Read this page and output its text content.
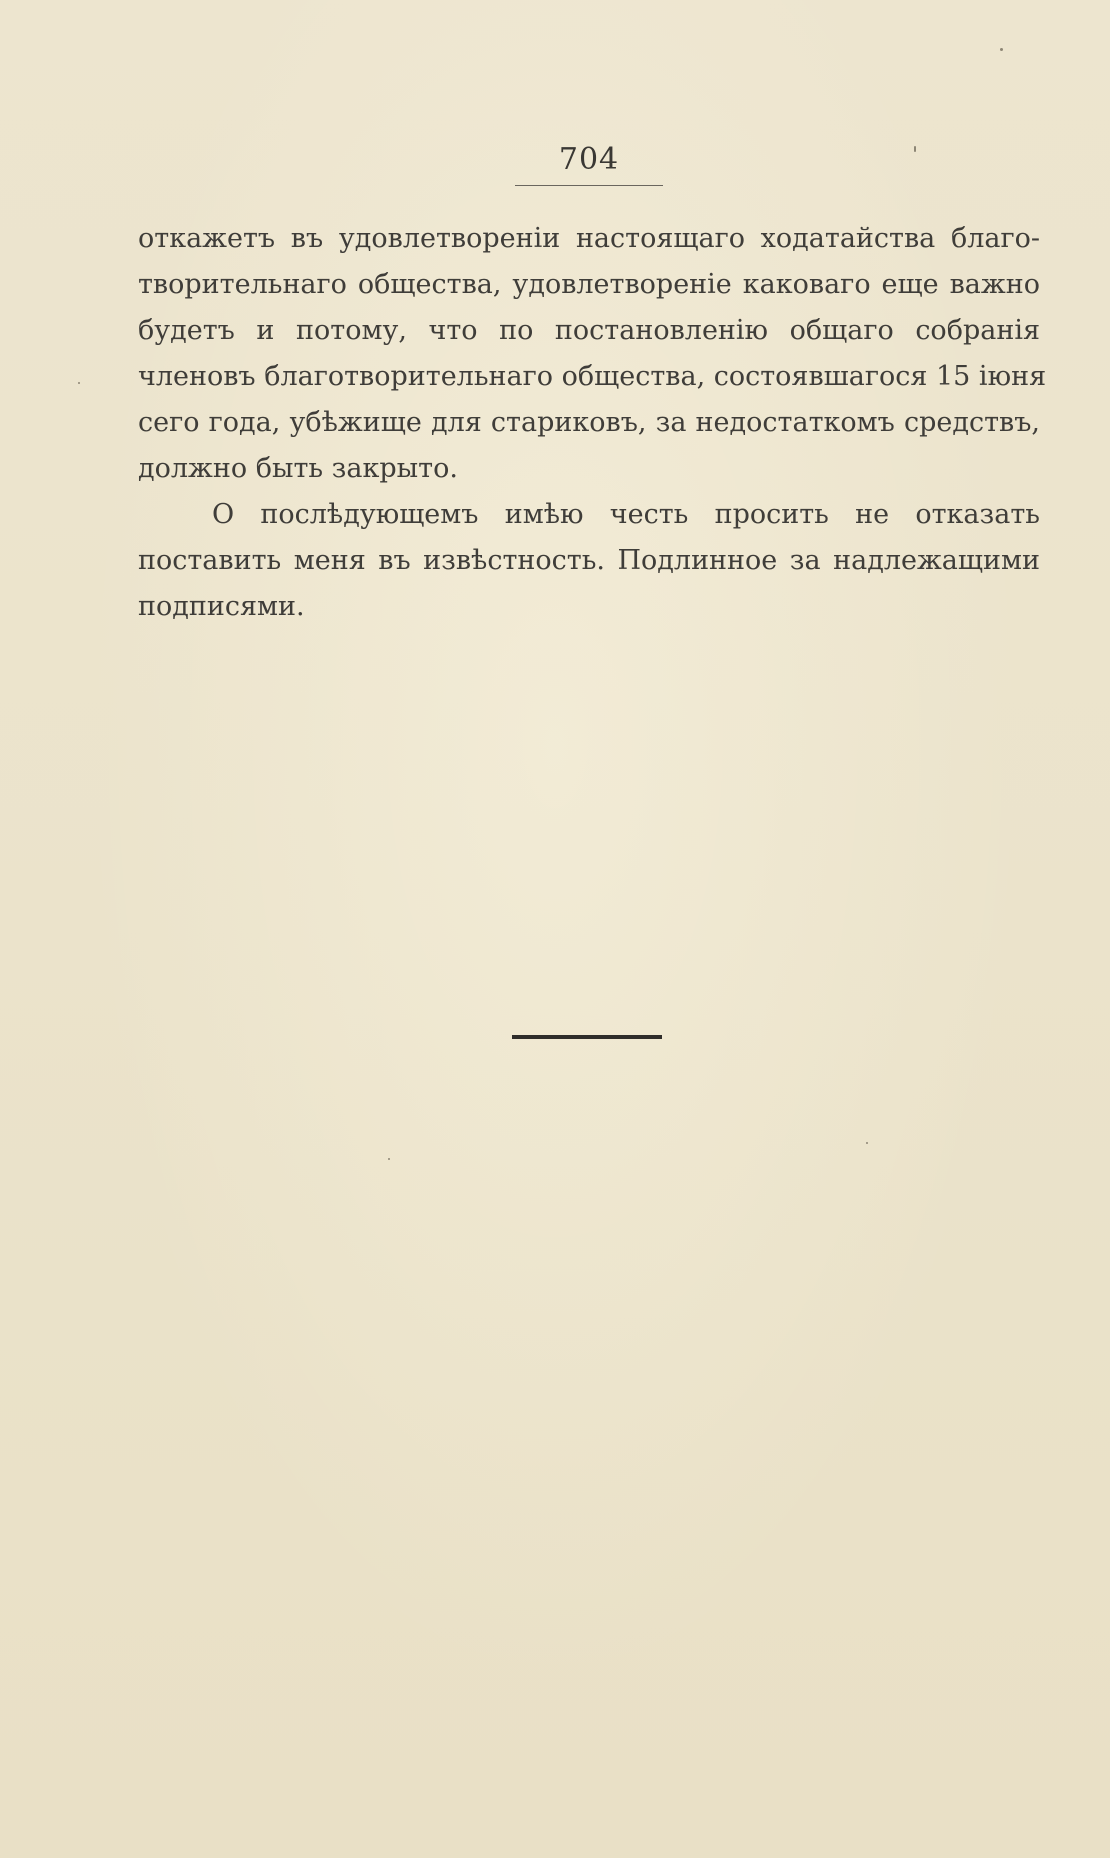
704
откажетъ въ удовлетвореніи настоящаго ходатайства благо-
творительнаго общества, удовлетвореніе каковаго еще важно
будетъ и потому, что по постановленію общаго собранія
членовъ благотворительнаго общества, состоявшагося 15 іюня
сего года, убѣжище для стариковъ, за недостаткомъ средствъ,
должно быть закрыто.
О послѣдующемъ имѣю честь просить не отказать
поставить меня въ извѣстность. Подлинное за надлежащими
подписями.
